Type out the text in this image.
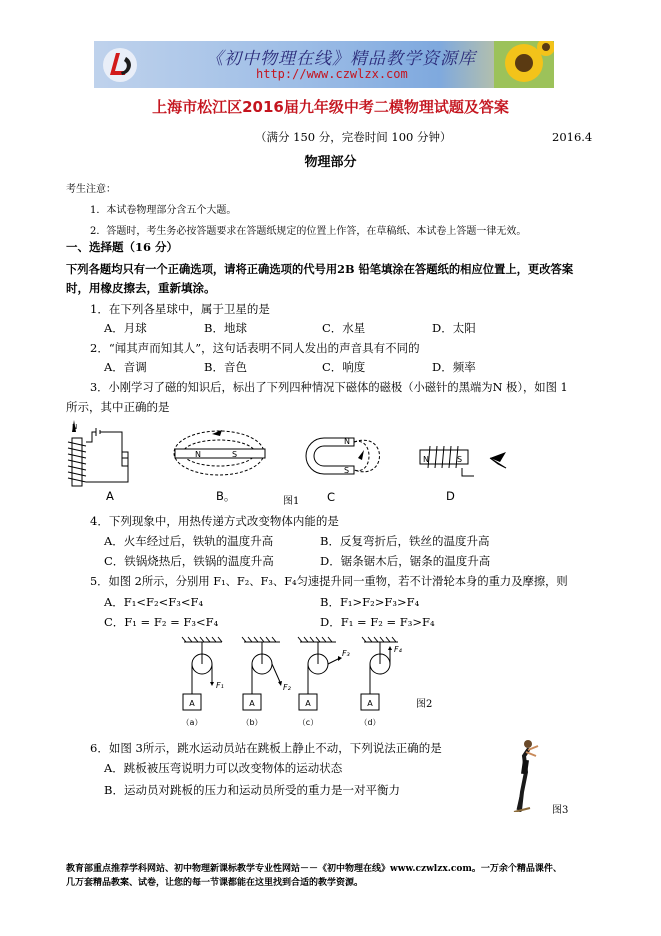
《初中物理在线》精品教学资源库
http://www.czwlzx.com
上海市松江区2016届九年级中考二模物理试题及答案
（满分 150 分，完卷时间 100 分钟）	2016.4
物理部分
考生注意：
1．本试卷物理部分含五个大题。
2．答题时，考生务必按答题要求在答题纸规定的位置上作答，在草稿纸、本试卷上答题一律无效。
一、选择题（16 分）
下列各题均只有一个正确选项，请将正确选项的代号用2B 铅笔填涂在答题纸的相应位置上，更改答案
时，用橡皮擦去，重新填涂。
1．在下列各星球中，属于卫星的是
A．月球	B．地球	C．水星	D．太阳
2．“闻其声而知其人”，这句话表明不同人发出的声音具有不同的
A．音调	B．音色	C．响度	D．频率
3．小刚学习了磁的知识后，标出了下列四种情况下磁体的磁极（小磁针的黑端为N 极），如图 1
所示，其中正确的是
N
N	S
N
S
N	S
A	B。	图1 C	D
4．下列现象中，用热传递方式改变物体内能的是
A．火车经过后，铁轨的温度升高	B．反复弯折后，铁丝的温度升高
C．铁锅烧热后，铁锅的温度升高	D．锯条锯木后，锯条的温度升高
5．如图 2所示，分别用 F₁、F₂、F₃、F₄匀速提升同一重物，若不计滑轮本身的重力及摩擦，则
A．F₁<F₂<F₃<F₄	B．F₁>F₂>F₃>F₄
C．F₁ = F₂ = F₃<F₄	D．F₁ = F₂ = F₃>F₄
F₁	F₂
F₃	F₄
A	A	A	A
（a）	（b）	（c）	（d）
图2
6．如图 3所示，跳水运动员站在跳板上静止不动，下列说法正确的是
A．跳板被压弯说明力可以改变物体的运动状态
B．运动员对跳板的压力和运动员所受的重力是一对平衡力
图3
教育部重点推荐学科网站、初中物理新课标教学专业性网站－－《初中物理在线》www.czwlzx.com。一万余个精品课件、
几万套精品教案、试卷，让您的每一节课都能在这里找到合适的教学资源。
